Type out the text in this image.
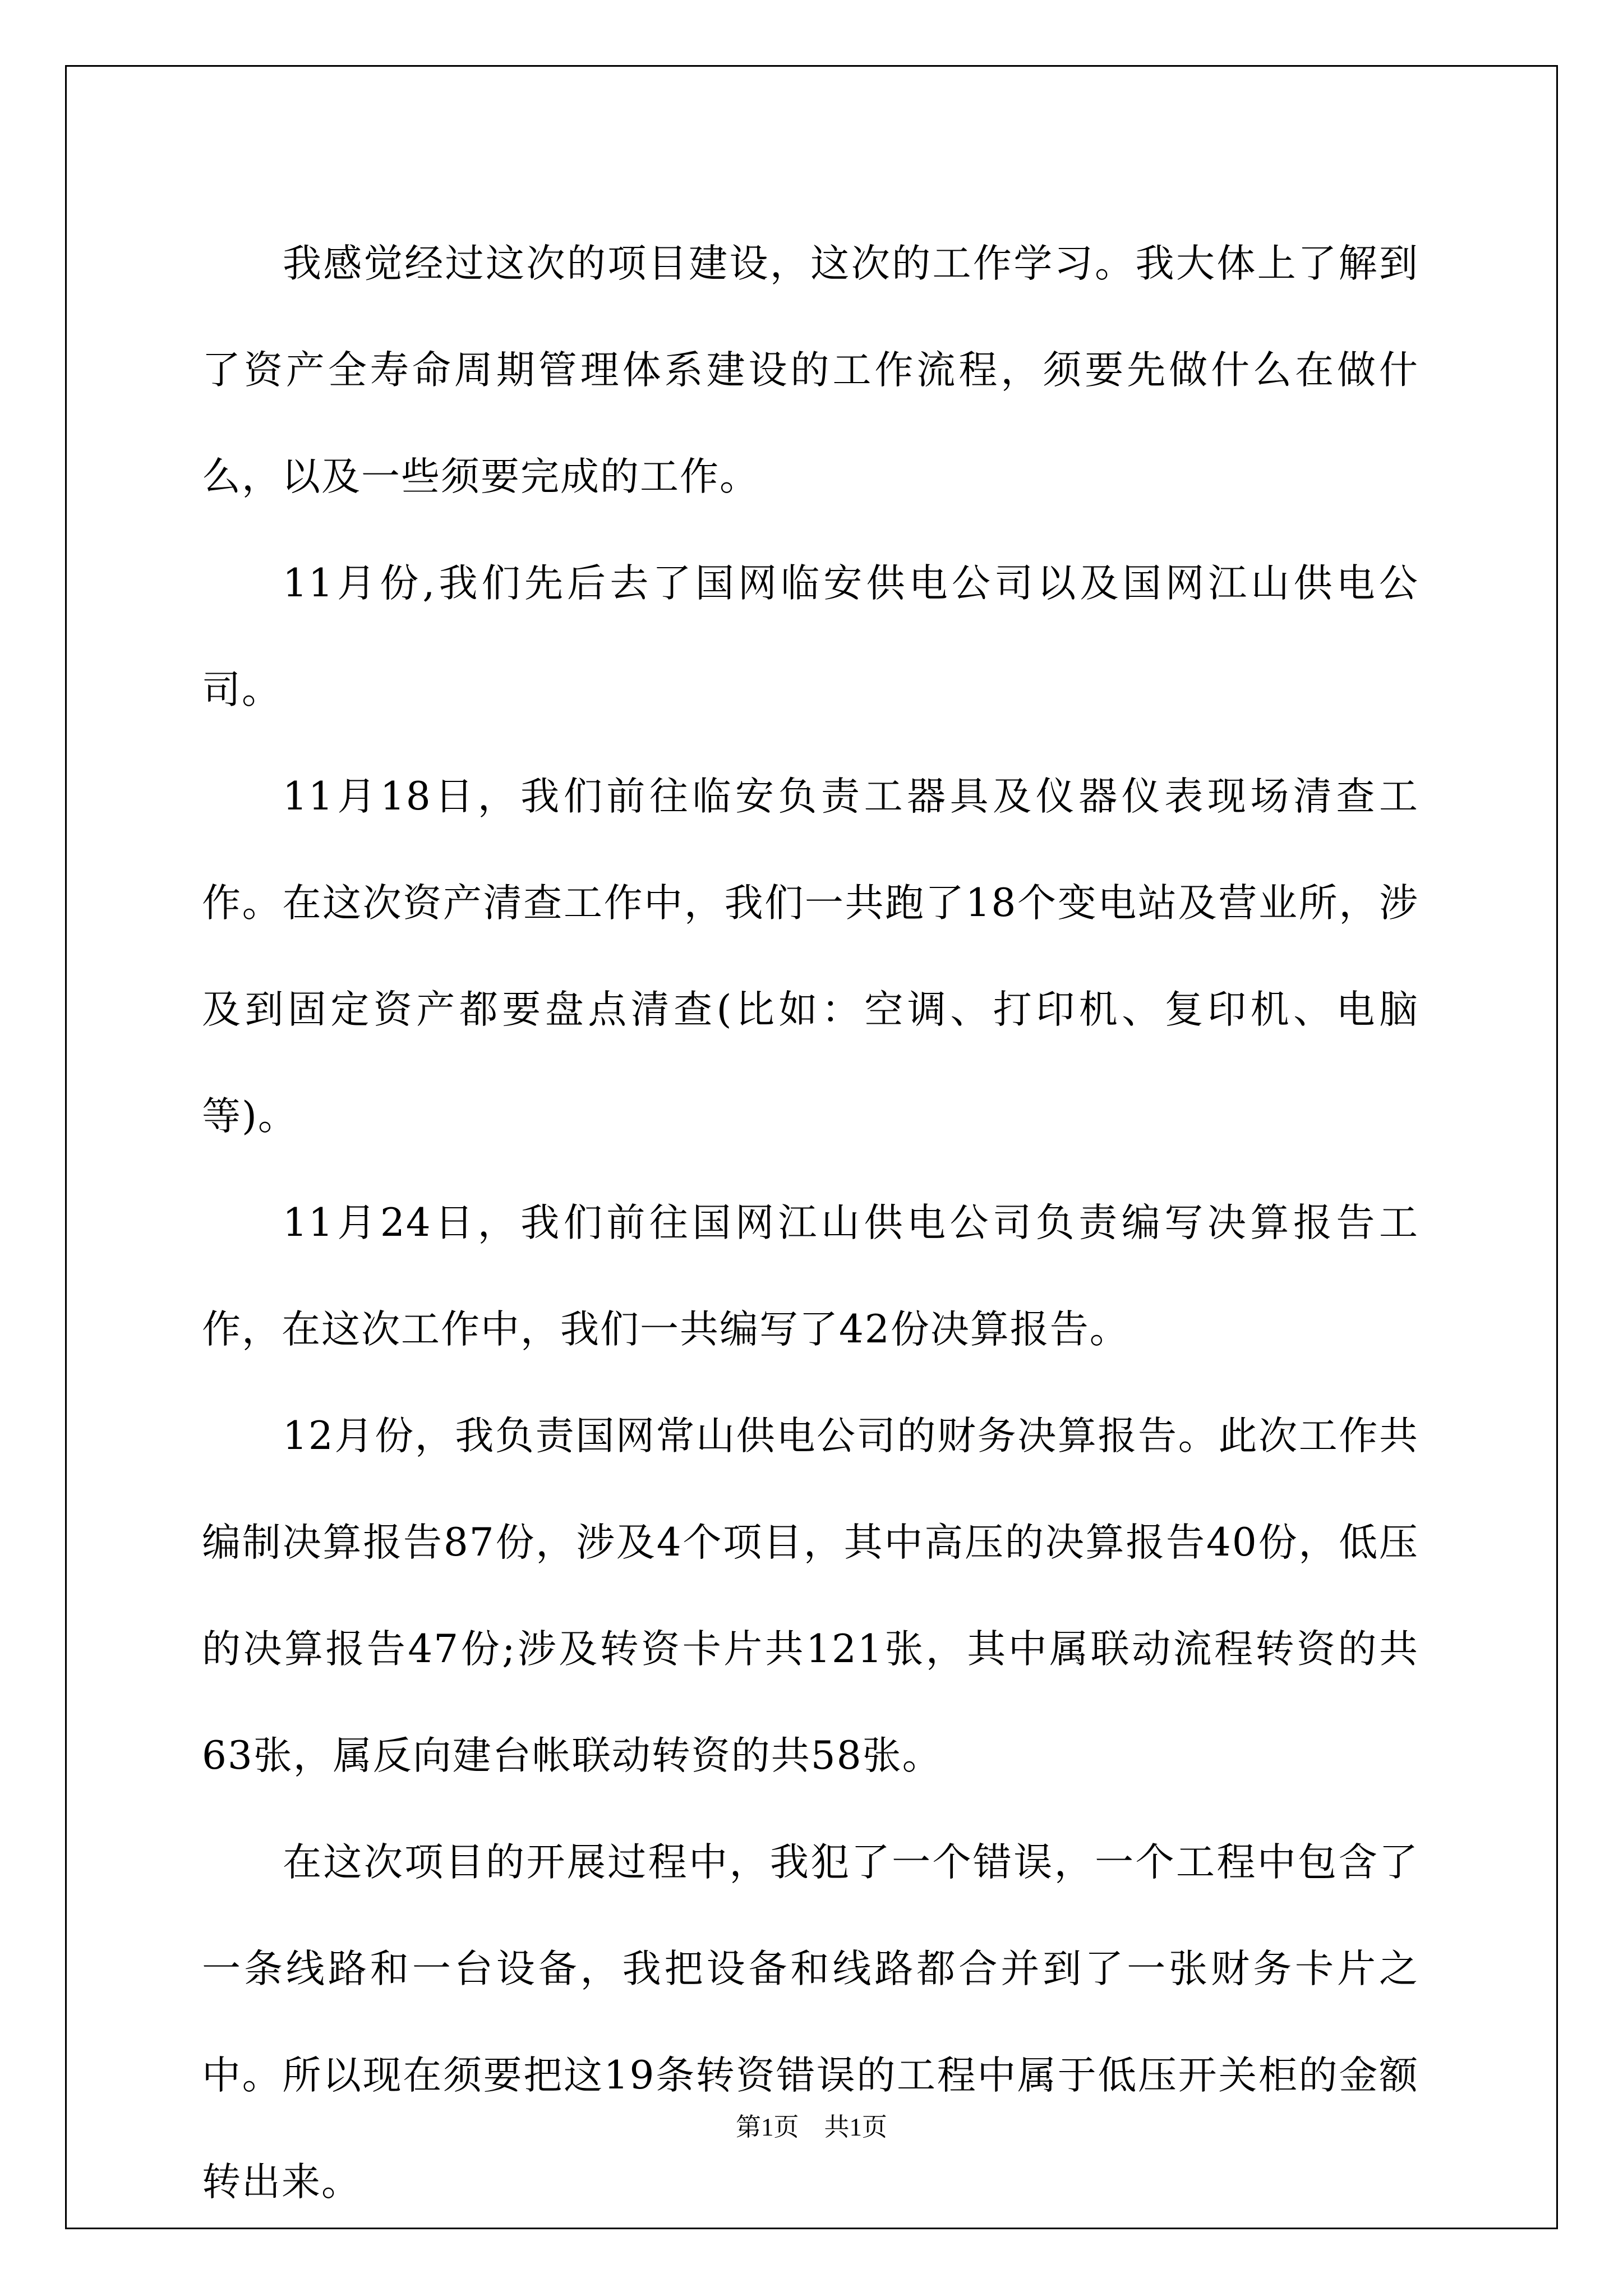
我感觉经过这次的项目建设，这次的工作学习。我大体上了解到了资产全寿命周期管理体系建设的工作流程，须要先做什么在做什么，以及一些须要完成的工作。

11月份,我们先后去了国网临安供电公司以及国网江山供电公司。

11月18日，我们前往临安负责工器具及仪器仪表现场清查工作。在这次资产清查工作中，我们一共跑了18个变电站及营业所，涉及到固定资产都要盘点清查(比如：空调、打印机、复印机、电脑等)。

11月24日，我们前往国网江山供电公司负责编写决算报告工作，在这次工作中，我们一共编写了42份决算报告。

12月份，我负责国网常山供电公司的财务决算报告。此次工作共编制决算报告87份，涉及4个项目，其中高压的决算报告40份，低压的决算报告47份;涉及转资卡片共121张，其中属联动流程转资的共63张，属反向建台帐联动转资的共58张。

在这次项目的开展过程中，我犯了一个错误，一个工程中包含了一条线路和一台设备，我把设备和线路都合并到了一张财务卡片之中。所以现在须要把这19条转资错误的工程中属于低压开关柜的金额转出来。

第1页 共1页
